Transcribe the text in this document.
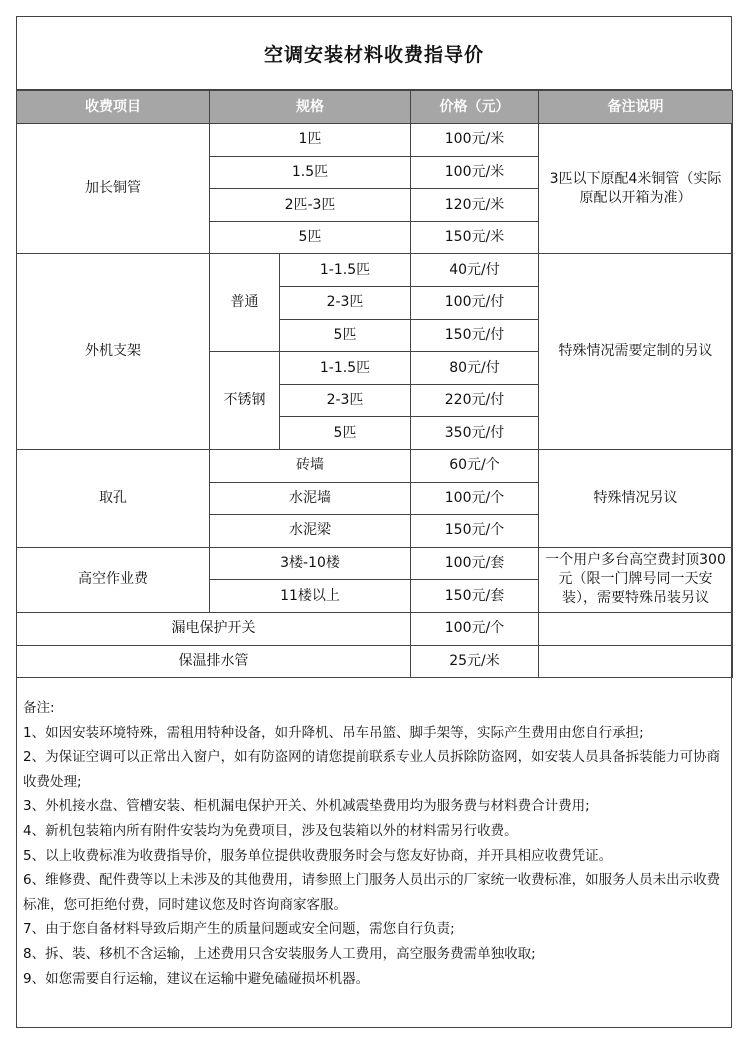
空调安装材料收费指导价
收费项目	规格		价格（元）	备注说明
加长铜管	1匹		100元/米	3匹以下原配4米铜管（实际原配以开箱为准）
	1.5匹		100元/米	
	2匹-3匹		120元/米	
	5匹		150元/米	
外机支架	普通	1-1.5匹	40元/付	特殊情况需要定制的另议
		2-3匹	100元/付	
		5匹	150元/付	
	不锈钢	1-1.5匹	80元/付	
		2-3匹	220元/付	
		5匹	350元/付	
取孔	砖墙		60元/个	特殊情况另议
	水泥墙		100元/个	
	水泥梁		150元/个	
高空作业费	3楼-10楼		100元/套	一个用户多台高空费封顶300元（限一门牌号同一天安装），需要特殊吊装另议
	11楼以上		150元/套	
漏电保护开关			100元/个	
保温排水管			25元/米	

备注:

1、如因安装环境特殊，需租用特种设备，如升降机、吊车吊篮、脚手架等，实际产生费用由您自行承担;

2、为保证空调可以正常出入窗户，如有防盗网的请您提前联系专业人员拆除防盗网，如安装人员具备拆装能力可协商收费处理;

3、外机接水盘、管槽安装、柜机漏电保护开关、外机减震垫费用均为服务费与材料费合计费用;

4、新机包装箱内所有附件安装均为免费项目，涉及包装箱以外的材料需另行收费。

5、以上收费标准为收费指导价，服务单位提供收费服务时会与您友好协商，并开具相应收费凭证。

6、维修费、配件费等以上未涉及的其他费用，请参照上门服务人员出示的厂家统一收费标准，如服务人员未出示收费标准，您可拒绝付费，同时建议您及时咨询商家客服。

7、由于您自备材料导致后期产生的质量问题或安全问题，需您自行负责;

8、拆、装、移机不含运输，上述费用只含安装服务人工费用，高空服务费需单独收取;

9、如您需要自行运输，建议在运输中避免磕碰损坏机器。
